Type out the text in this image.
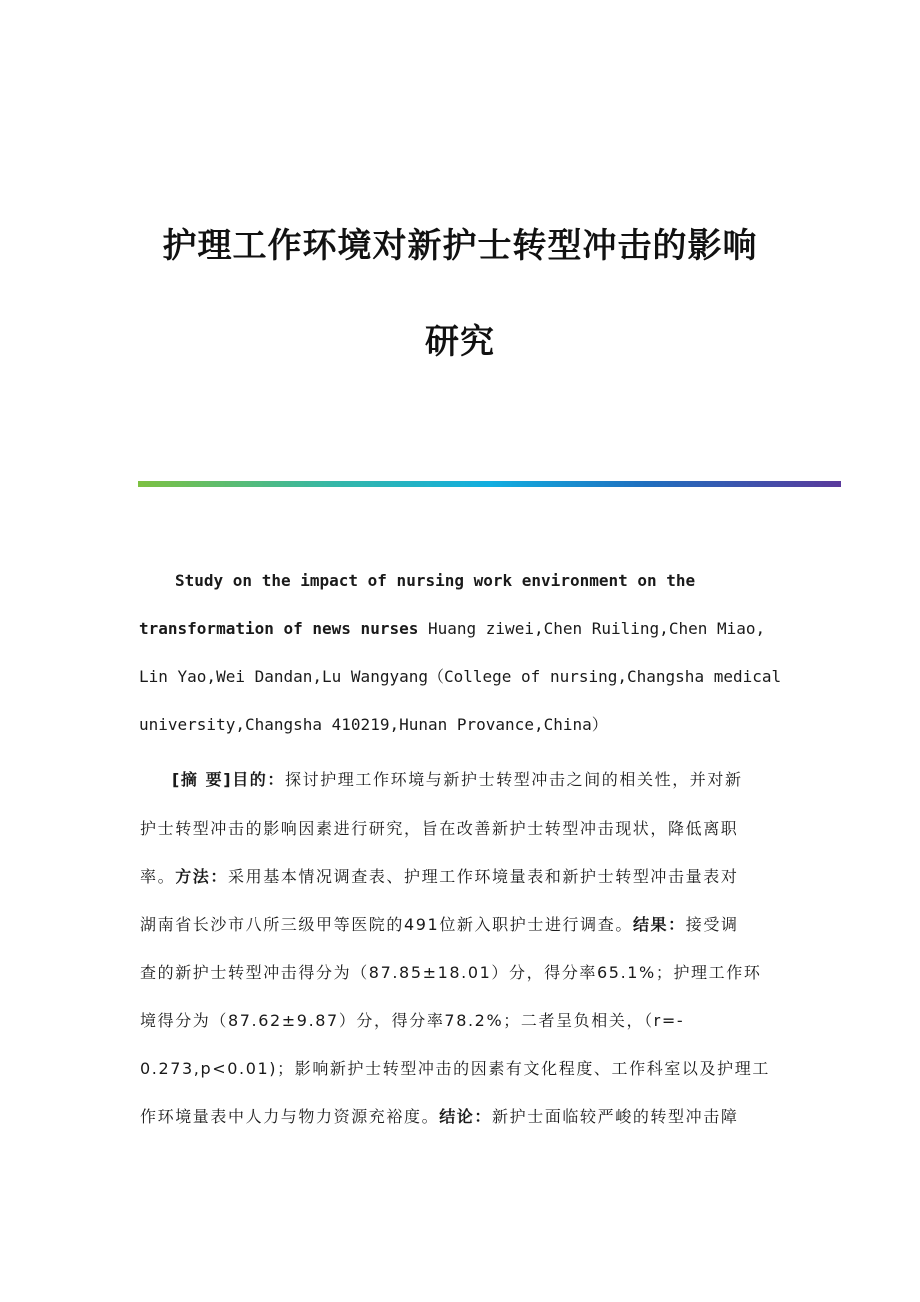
护理工作环境对新护士转型冲击的影响
研究
Study on the impact of nursing work environment on the
transformation of news nurses Huang ziwei,Chen Ruiling,Chen Miao,
Lin Yao,Wei Dandan,Lu Wangyang（College of nursing,Changsha medical
university,Changsha 410219,Hunan Provance,China）
[摘 要]目的：探讨护理工作环境与新护士转型冲击之间的相关性，并对新
护士转型冲击的影响因素进行研究，旨在改善新护士转型冲击现状，降低离职
率。方法：采用基本情况调查表、护理工作环境量表和新护士转型冲击量表对
湖南省长沙市八所三级甲等医院的491位新入职护士进行调查。结果：接受调
查的新护士转型冲击得分为（87.85±18.01）分，得分率65.1%；护理工作环
境得分为（87.62±9.87）分，得分率78.2%；二者呈负相关，（r=-
0.273,p<0.01)；影响新护士转型冲击的因素有文化程度、工作科室以及护理工
作环境量表中人力与物力资源充裕度。结论：新护士面临较严峻的转型冲击障
